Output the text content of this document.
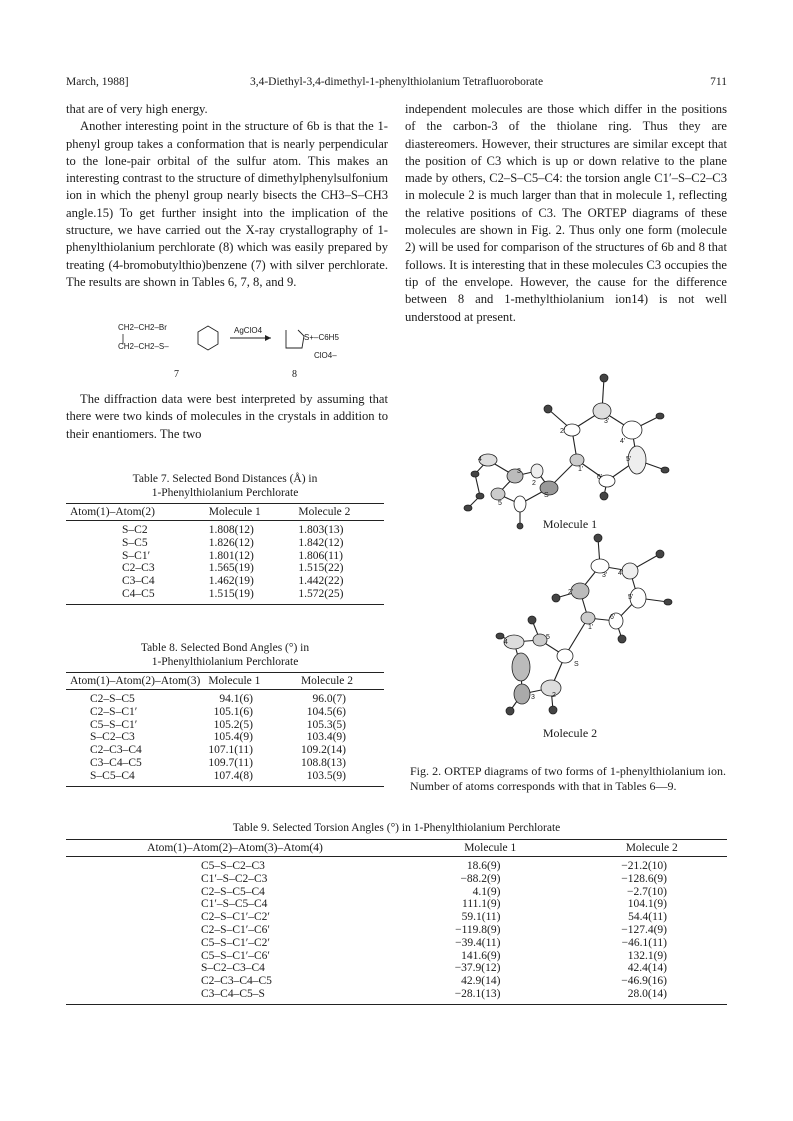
March, 1988]	3,4-Diethyl-3,4-dimethyl-1-phenylthiolanium Tetrafluoroborate	711

that are of very high energy.

Another interesting point in the structure of 6b is that the 1-phenyl group takes a conformation that is nearly perpendicular to the lone-pair orbital of the sulfur atom. This makes an interesting contrast to the structure of dimethylphenylsulfonium ion in which the phenyl group nearly bisects the CH3–S–CH3 angle.15) To get further insight into the implication of the structure, we have carried out the X-ray crystallography of 1-phenylthiolanium perchlorate (8) which was easily prepared by treating (4-bromobutylthio)benzene (7) with silver perchlorate. The results are shown in Tables 6, 7, 8, and 9.

CH2–CH2–Br
CH2–CH2–S–
AgClO4
S+–C6H5
ClO4–
7	8

The diffraction data were best interpreted by assuming that there were two kinds of molecules in the crystals in addition to their enantiomers. The two

independent molecules are those which differ in the positions of the carbon-3 of the thiolane ring. Thus they are diastereomers. However, their structures are similar except that the position of C3 which is up or down relative to the plane made by others, C2–S–C5–C4: the torsion angle C1′–S–C2–C3 in molecule 2 is much larger than that in molecule 1, reflecting the relative positions of C3. The ORTEP diagrams of these molecules are shown in Fig. 2. Thus only one form (molecule 2) will be used for comparison of the structures of 6b and 8 that follows. It is interesting that in these molecules C3 occupies the tip of the envelope. However, the cause for the difference between 8 and 1-methylthiolanium ion14) is not well understood at present.

Table 7. Selected Bond Distances (Å) in
1-Phenylthiolanium Perchlorate
Atom(1)–Atom(2)	Molecule 1	Molecule 2
S–C2	1.808(12)	1.803(13)
S–C5	1.826(12)	1.842(12)
S–C1′	1.801(12)	1.806(11)
C2–C3	1.565(19)	1.515(22)
C3–C4	1.462(19)	1.442(22)
C4–C5	1.515(19)	1.572(25)
Table 8. Selected Bond Angles (°) in
1-Phenylthiolanium Perchlorate
Atom(1)–Atom(2)–Atom(3)	Molecule 1	Molecule 2
C2–S–C5	94.1(6)	96.0(7)
C2–S–C1′	105.1(6)	104.5(6)
C5–S–C1′	105.2(5)	105.3(5)
S–C2–C3	105.4(9)	103.4(9)
C2–C3–C4	107.1(11)	109.2(14)
C3–C4–C5	109.7(11)	108.8(13)
S–C5–C4	107.4(8)	103.5(9)
4
3
2
5
S
1'
2'
3'
4'
5'
6'
4
5
3 2
S
1'
2'
3' 4'
5'
6'
Molecule 1
Molecule 2
Fig. 2. ORTEP diagrams of two forms of 1-phenylthiolanium ion. Number of atoms corresponds with that in Tables 6—9.
Table 9. Selected Torsion Angles (°) in 1-Phenylthiolanium Perchlorate
Atom(1)–Atom(2)–Atom(3)–Atom(4)	Molecule 1	Molecule 2
C5–S–C2–C3	18.6(9)	−21.2(10)
C1′–S–C2–C3	−88.2(9)	−128.6(9)
C2–S–C5–C4	4.1(9)	−2.7(10)
C1′–S–C5–C4	111.1(9)	104.1(9)
C2–S–C1′–C2′	59.1(11)	54.4(11)
C2–S–C1′–C6′	−119.8(9)	−127.4(9)
C5–S–C1′–C2′	−39.4(11)	−46.1(11)
C5–S–C1′–C6′	141.6(9)	132.1(9)
S–C2–C3–C4	−37.9(12)	42.4(14)
C2–C3–C4–C5	42.9(14)	−46.9(16)
C3–C4–C5–S	−28.1(13)	28.0(14)
